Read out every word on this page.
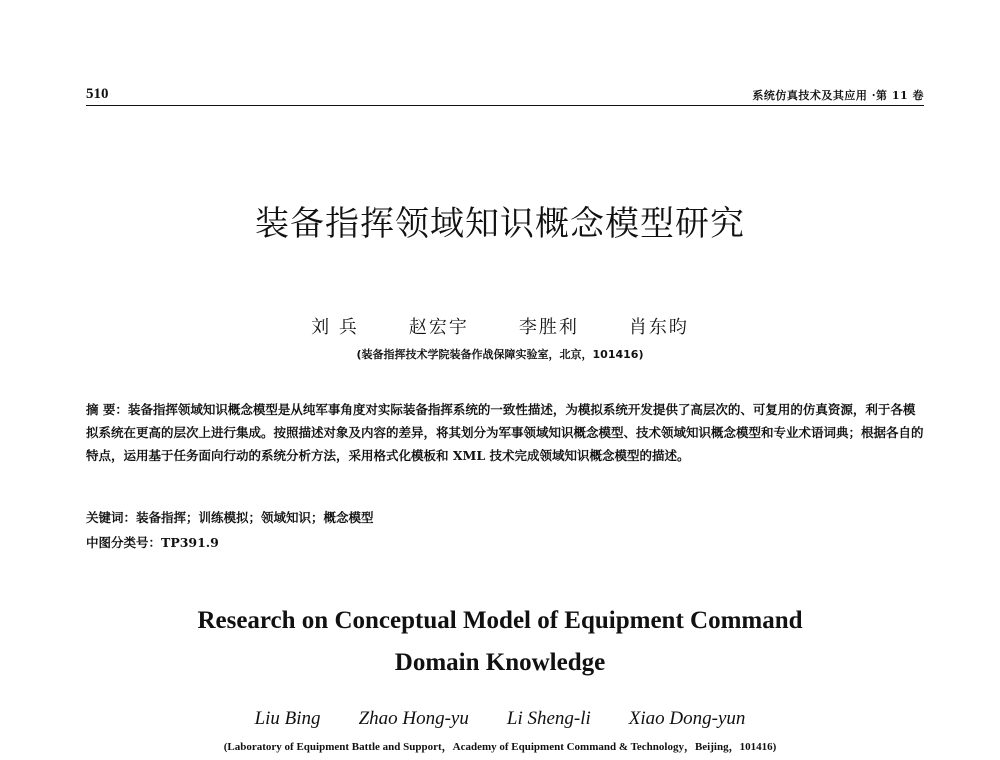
510	系统仿真技术及其应用 ·第 11 卷
装备指挥领域知识概念模型研究
刘 兵	赵宏宇	李胜利	肖东昀
(装备指挥技术学院装备作战保障实验室，北京，101416)

摘 要：装备指挥领域知识概念模型是从纯军事角度对实际装备指挥系统的一致性描述，为模拟系统开发提供了高层次的、可复用的仿真资源，利于各模拟系统在更高的层次上进行集成。按照描述对象及内容的差异，将其划分为军事领域知识概念模型、技术领域知识概念模型和专业术语词典；根据各自的特点，运用基于任务面向行动的系统分析方法，采用格式化模板和 XML 技术完成领域知识概念模型的描述。

关键词：装备指挥；训练模拟；领域知识；概念模型
中图分类号：TP391.9
Research on Conceptual Model of Equipment Command
Domain Knowledge
Liu Bing Zhao Hong-yu Li Sheng-li Xiao Dong-yun
(Laboratory of Equipment Battle and Support，Academy of Equipment Command & Technology，Beijing，101416)
